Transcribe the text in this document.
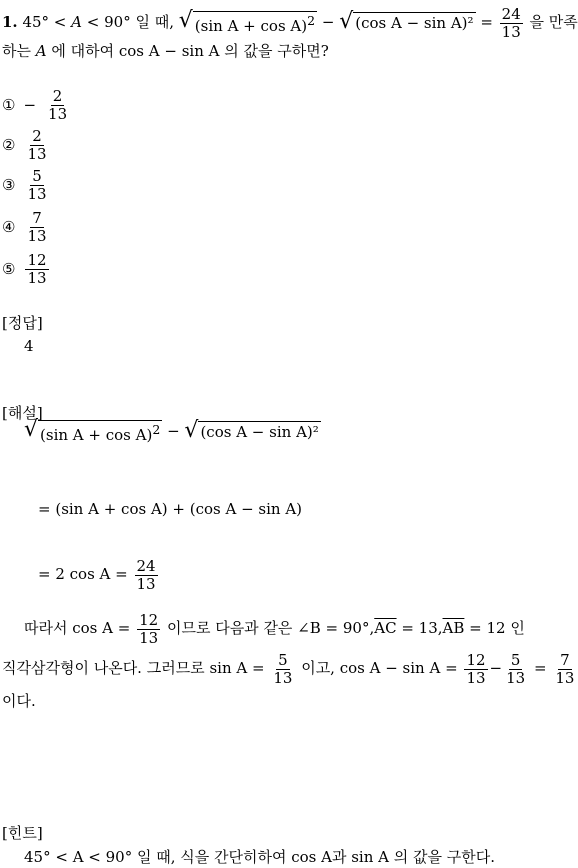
1. 45° < A < 90° 일 때, √ (sin A + cos A)$^2$ − √ (cos $A - \sin A)^2 = \frac{24}{13}$ 을 만족
하는 A 에 대하여 cos A − sin A 의 값을 구하면?
① − $\frac{2}{13}$
② $\frac{2}{13}$
③ $\frac{5}{13}$
④ $\frac{7}{13}$
⑤ $\frac{12}{13}$
[정답]
4
[해설]
√ (sin A + cos A)$^2$ − √ (cos A − sin A)²
= (sin A + cos A) + (cos A − sin A)
= 2 $\cos A = \frac{24}{13}$
따라서 $\cos A = \frac{12}{13}$ 이므로 다음과 같은 ∠B = $90^\circ,\overline{AC} = 13,\overline{AB} = 12$ 인
직각삼각형이 나온다. 그러므로 $\sin A = \frac{5}{13}$ 이고, $\cos A - \sin A = \frac{12}{13} - \frac{5}{13} = \frac{7}{13}$
이다.
[힌트]
45° < A < 90° 일 때, 식을 간단히하여 cos A과 sin A 의 값을 구한다.
